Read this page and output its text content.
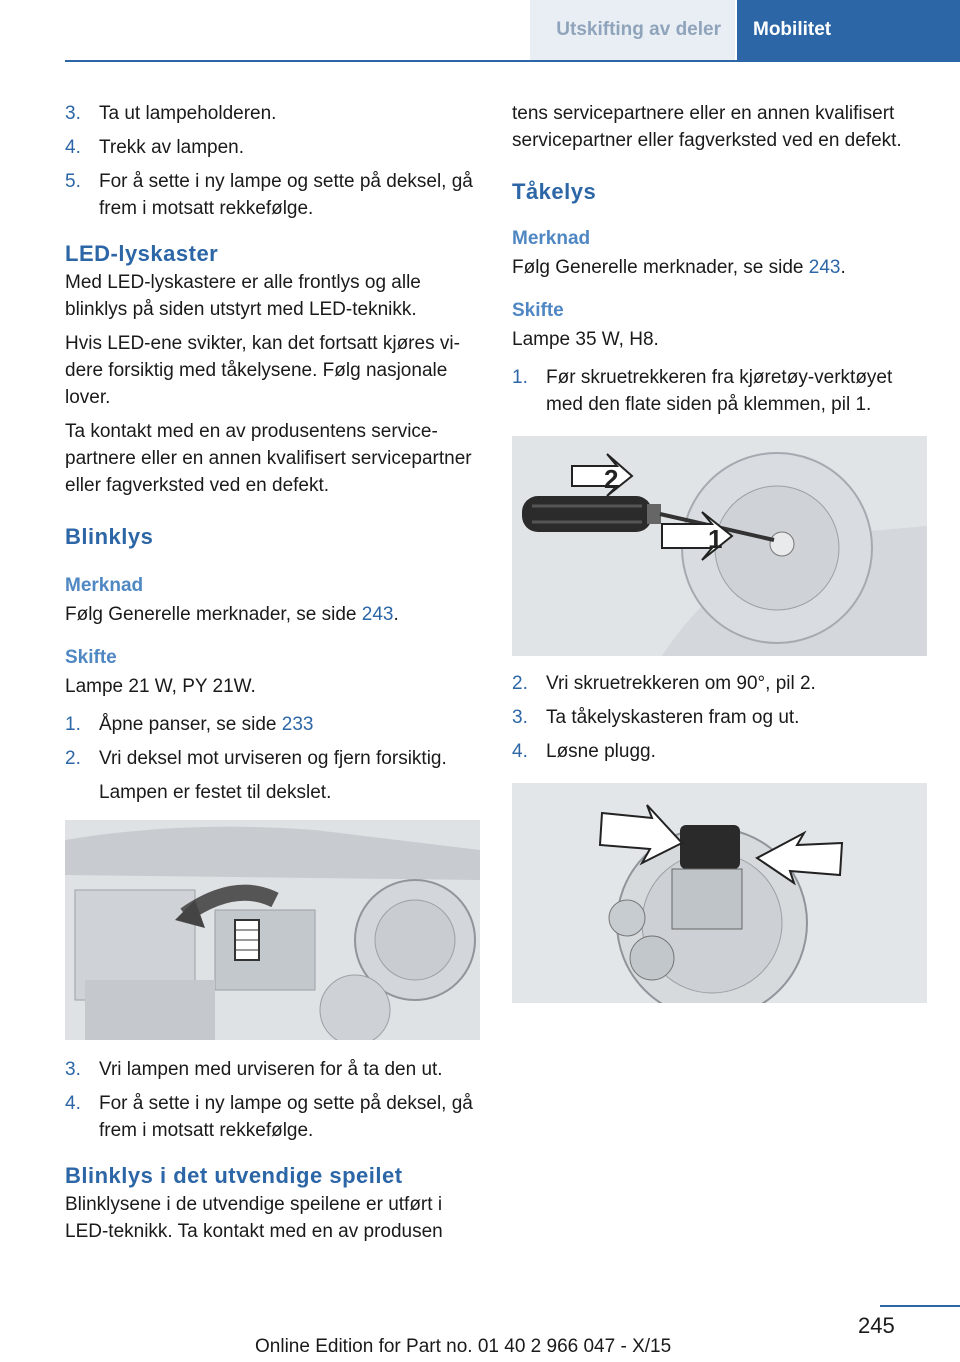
Utskifting av deler	Mobilitet
3. Ta ut lampeholderen.
4. Trekk av lampen.
5. For å sette i ny lampe og sette på deksel, gå frem i motsatt rekkefølge.
LED-lyskaster

Med LED-lyskastere er alle frontlys og alle blinklys på siden utstyrt med LED-teknikk.

Hvis LED-ene svikter, kan det fortsatt kjøres videre forsiktig med tåkelysene. Følg nasjonale lover.

Ta kontakt med en av produsentens servicepartnere eller en annen kvalifisert servicepartner eller fagverksted ved en defekt.

Blinklys
Merknad

Følg Generelle merknader, se side 243.

Skifte

Lampe 21 W, PY 21W.

1. Åpne panser, se side 233
2. Vri deksel mot urviseren og fjern forsiktig.
Lampen er festet til dekslet.
3. Vri lampen med urviseren for å ta den ut.
4. For å sette i ny lampe og sette på deksel, gå frem i motsatt rekkefølge.
Blinklys i det utvendige speilet

Blinklysene i de utvendige speilene er utført i LED-teknikk. Ta kontakt med en av produsen

tens servicepartnere eller en annen kvalifisert servicepartner eller fagverksted ved en defekt.

Tåkelys
Merknad

Følg Generelle merknader, se side 243.

Skifte

Lampe 35 W, H8.

1. Før skruetrekkeren fra kjøretøy-verktøyet med den flate siden på klemmen, pil 1.
2
1
2. Vri skruetrekkeren om 90°, pil 2.
3. Ta tåkelyskasteren fram og ut.
4. Løsne plugg.
245
Online Edition for Part no. 01 40 2 966 047 - X/15
